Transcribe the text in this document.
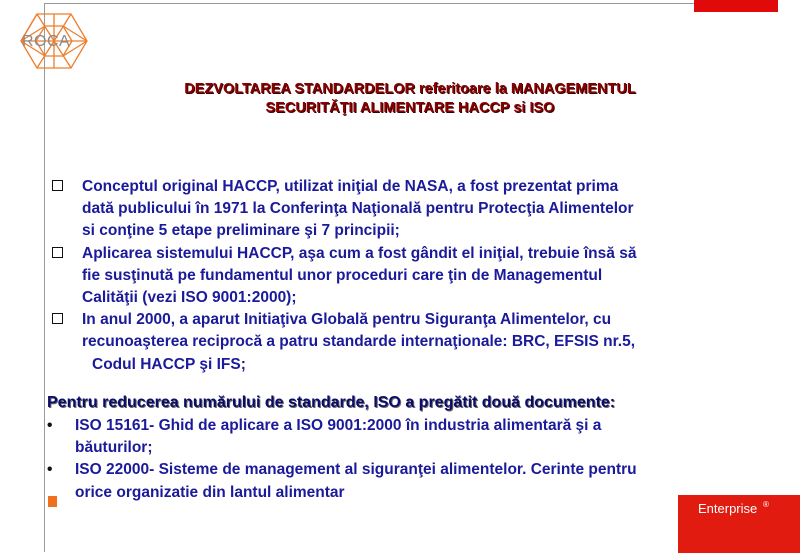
ROCA
DEZVOLTAREA STANDARDELOR referitoare la MANAGEMENTUL
SECURITĂŢII ALIMENTARE HACCP si ISO
Conceptul original HACCP, utilizat iniţial de NASA, a fost prezentat prima
dată publicului în 1971 la Conferinţa Naţională pentru Protecţia Alimentelor
si conţine 5 etape preliminare şi 7 principii;
Aplicarea sistemului HACCP, aşa cum a fost gândit el iniţial, trebuie însă să
fie susţinută pe fundamentul unor proceduri care ţin de Managementul
Calităţii (vezi ISO 9001:2000);
In anul 2000, a aparut Initiaţiva Globală pentru Siguranţa Alimentelor, cu
recunoaşterea reciprocă a patru standarde internaţionale: BRC, EFSIS nr.5,
Codul HACCP şi IFS;
Pentru reducerea numărului de standarde, ISO a pregătit două documente:
• ISO 15161- Ghid de aplicare a ISO 9001:2000 în industria alimentară şi a
băuturilor;
• ISO 22000- Sisteme de management al siguranţei alimentelor. Cerinte pentru
orice organizatie din lantul alimentar
Enterprise ®
